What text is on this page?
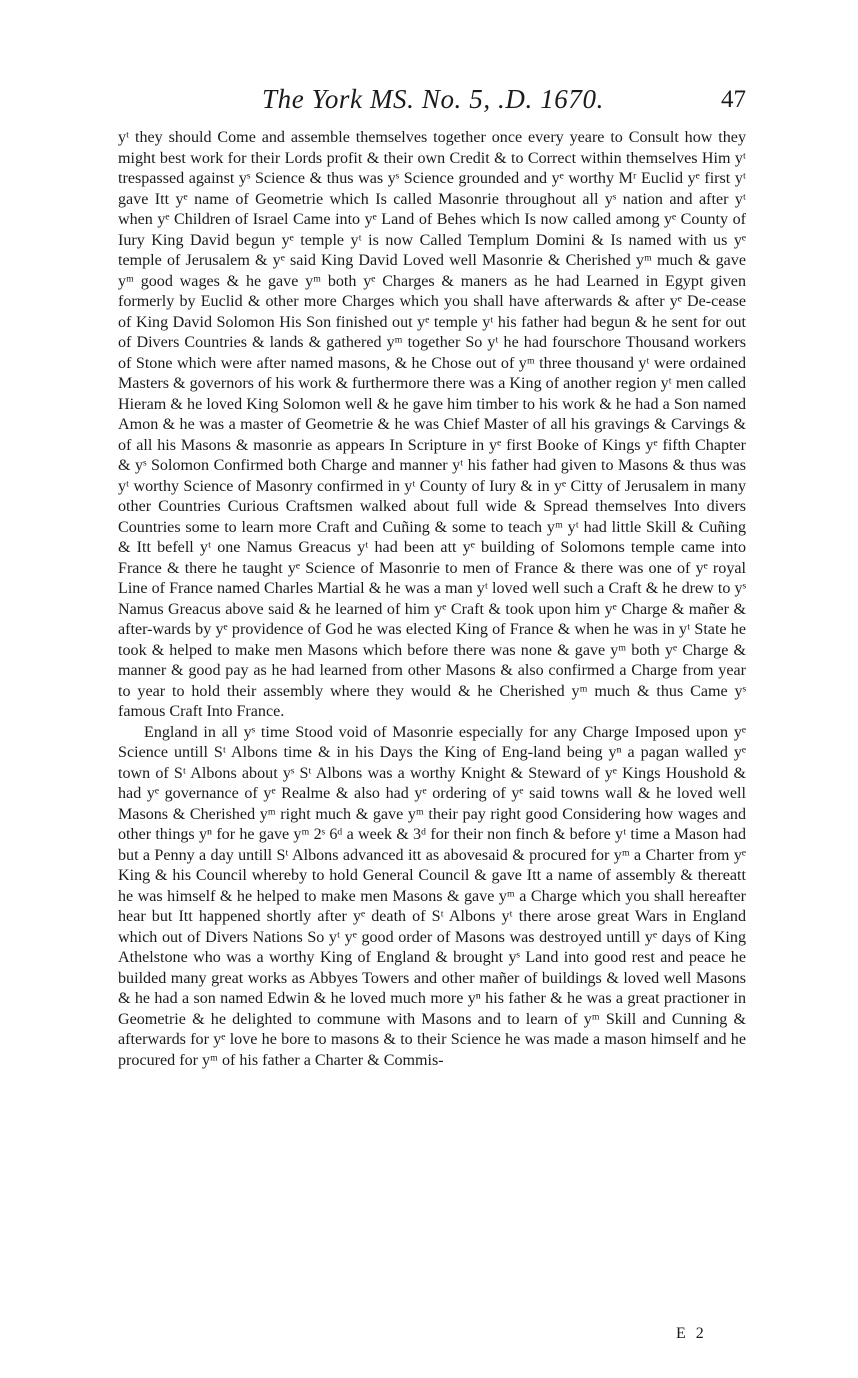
The York MS. No. 5, .D. 1670.	47

yᵗ they should Come and assemble themselves together once every yeare to Consult how they might best work for their Lords profit & their own Credit & to Correct within themselves Him yᵗ trespassed against yˢ Science & thus was yˢ Science grounded and yᵉ worthy Mʳ Euclid yᵉ first yᵗ gave Itt yᵉ name of Geometrie which Is called Masonrie throughout all yˢ nation and after yᵗ when yᵉ Children of Israel Came into yᵉ Land of Behes which Is now called among yᵉ County of Iury King David begun yᵉ temple yᵗ is now Called Templum Domini & Is named with us yᵉ temple of Jerusalem & yᵉ said King David Loved well Masonrie & Cherished yᵐ much & gave yᵐ good wages & he gave yᵐ both yᵉ Charges & maners as he had Learned in Egypt given formerly by Euclid & other more Charges which you shall have afterwards & after yᵉ De-cease of King David Solomon His Son finished out yᵉ temple yᵗ his father had begun & he sent for out of Divers Countries & lands & gathered yᵐ together So yᵗ he had fourschore Thousand workers of Stone which were after named masons, & he Chose out of yᵐ three thousand yᵗ were ordained Masters & governors of his work & furthermore there was a King of another region yᵗ men called Hieram & he loved King Solomon well & he gave him timber to his work & he had a Son named Amon & he was a master of Geometrie & he was Chief Master of all his gravings & Carvings & of all his Masons & masonrie as appears In Scripture in yᵉ first Booke of Kings yᵉ fifth Chapter & yˢ Solomon Confirmed both Charge and manner yᵗ his father had given to Masons & thus was yᵗ worthy Science of Masonry confirmed in yᵗ County of Iury & in yᵉ Citty of Jerusalem in many other Countries Curious Craftsmen walked about full wide & Spread themselves Into divers Countries some to learn more Craft and Cuñing & some to teach yᵐ yᵗ had little Skill & Cuñing & Itt befell yᵗ one Namus Greacus yᵗ had been att yᵉ building of Solomons temple came into France & there he taught yᵉ Science of Masonrie to men of France & there was one of yᵉ royal Line of France named Charles Martial & he was a man yᵗ loved well such a Craft & he drew to yˢ Namus Greacus above said & he learned of him yᵉ Craft & took upon him yᵉ Charge & mañer & after-wards by yᵉ providence of God he was elected King of France & when he was in yᵗ State he took & helped to make men Masons which before there was none & gave yᵐ both yᵉ Charge & manner & good pay as he had learned from other Masons & also confirmed a Charge from year to year to hold their assembly where they would & he Cherished yᵐ much & thus Came yˢ famous Craft Into France.

England in all yˢ time Stood void of Masonrie especially for any Charge Imposed upon yᵉ Science untill Sᵗ Albons time & in his Days the King of Eng-land being yⁿ a pagan walled yᵉ town of Sᵗ Albons about yˢ Sᵗ Albons was a worthy Knight & Steward of yᵉ Kings Houshold & had yᵉ governance of yᵉ Realme & also had yᵉ ordering of yᵉ said towns wall & he loved well Masons & Cherished yᵐ right much & gave yᵐ their pay right good Considering how wages and other things yⁿ for he gave yᵐ 2ˢ 6ᵈ a week & 3ᵈ for their non finch & before yᵗ time a Mason had but a Penny a day untill Sᵗ Albons advanced itt as abovesaid & procured for yᵐ a Charter from yᵉ King & his Council whereby to hold General Council & gave Itt a name of assembly & thereatt he was himself & he helped to make men Masons & gave yᵐ a Charge which you shall hereafter hear but Itt happened shortly after yᵉ death of Sᵗ Albons yᵗ there arose great Wars in England which out of Divers Nations So yᵗ yᵉ good order of Masons was destroyed untill yᵉ days of King Athelstone who was a worthy King of England & brought yˢ Land into good rest and peace he builded many great works as Abbyes Towers and other mañer of buildings & loved well Masons & he had a son named Edwin & he loved much more yⁿ his father & he was a great practioner in Geometrie & he delighted to commune with Masons and to learn of yᵐ Skill and Cunning & afterwards for yᵉ love he bore to masons & to their Science he was made a mason himself and he procured for yᵐ of his father a Charter & Commis-

E 2
